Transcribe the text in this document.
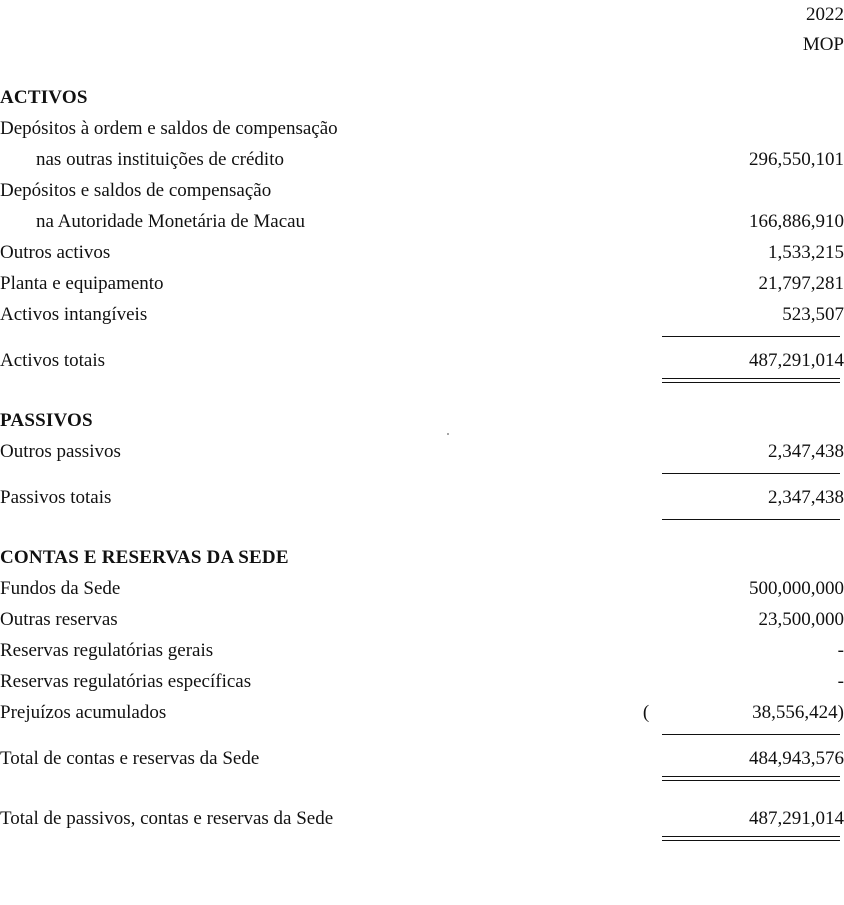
		2022
		MOP

ACTIVOS		
Depósitos à ordem e saldos de compensação		
nas outras instituições de crédito		296,550,101
Depósitos e saldos de compensação		
na Autoridade Monetária de Macau		166,886,910
Outros activos		1,533,215
Planta e equipamento		21,797,281
Activos intangíveis		523,507

Activos totais		487,291,014

PASSIVOS		
Outros passivos		2,347,438

Passivos totais		2,347,438

CONTAS E RESERVAS DA SEDE		
Fundos da Sede		500,000,000
Outras reservas		23,500,000
Reservas regulatórias gerais		-
Reservas regulatórias específicas		-
Prejuízos acumulados	(	38,556,424)

Total de contas e reservas da Sede		484,943,576

Total de passivos, contas e reservas da Sede		487,291,014
